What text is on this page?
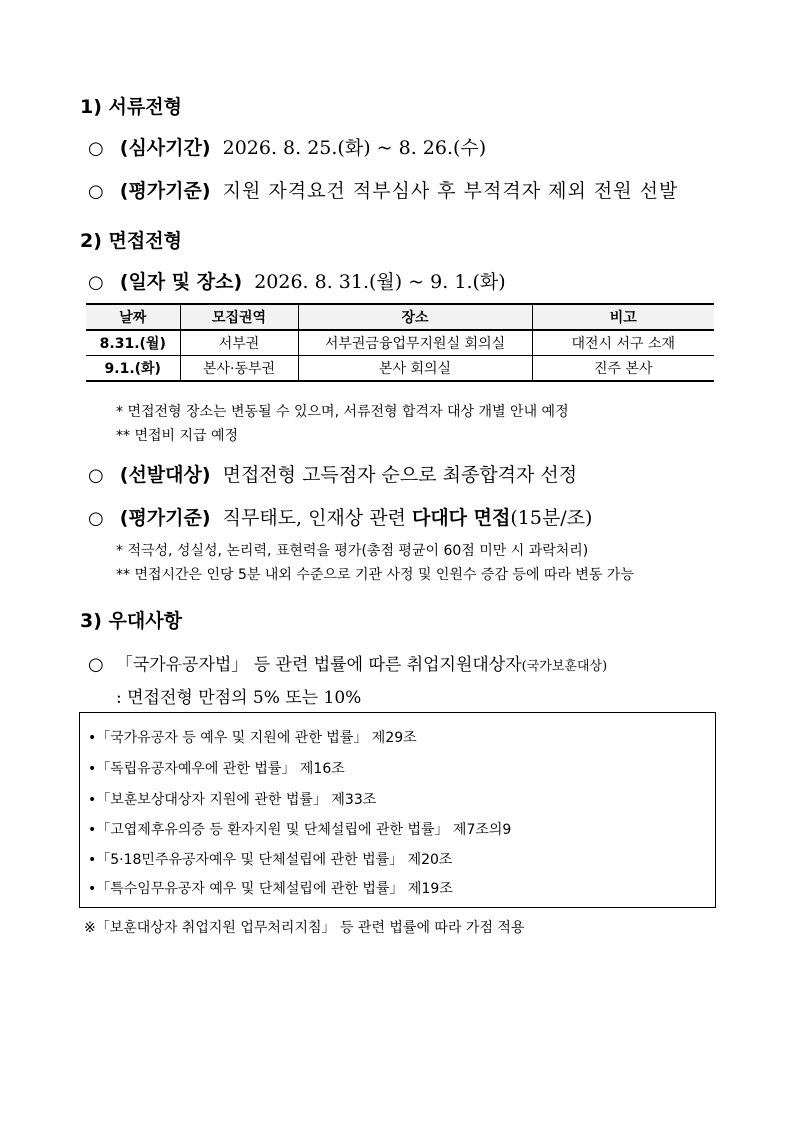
1) 서류전형
○ (심사기간) 2026. 8. 25.(화) ~ 8. 26.(수)
○ (평가기준) 지원 자격요건 적부심사 후 부적격자 제외 전원 선발
2) 면접전형
○ (일자 및 장소) 2026. 8. 31.(월) ~ 9. 1.(화)
날짜	모집권역	장소	비고
8.31.(월)	서부권	서부권금융업무지원실 회의실	대전시 서구 소재
9.1.(화)	본사·동부권	본사 회의실	진주 본사
* 면접전형 장소는 변동될 수 있으며, 서류전형 합격자 대상 개별 안내 예정
** 면접비 지급 예정
○ (선발대상) 면접전형 고득점자 순으로 최종합격자 선정
○ (평가기준) 직무태도, 인재상 관련 다대다 면접(15분/조)
* 적극성, 성실성, 논리력, 표현력을 평가(총점 평균이 60점 미만 시 과락처리)
** 면접시간은 인당 5분 내외 수준으로 기관 사정 및 인원수 증감 등에 따라 변동 가능
3) 우대사항
○ 「국가유공자법」 등 관련 법률에 따른 취업지원대상자(국가보훈대상)
: 면접전형 만점의 5% 또는 10%
•「국가유공자 등 예우 및 지원에 관한 법률」 제29조
•「독립유공자예우에 관한 법률」 제16조
•「보훈보상대상자 지원에 관한 법률」 제33조
•「고엽제후유의증 등 환자지원 및 단체설립에 관한 법률」 제7조의9
•「5·18민주유공자예우 및 단체설립에 관한 법률」 제20조
•「특수임무유공자 예우 및 단체설립에 관한 법률」 제19조
※「보훈대상자 취업지원 업무처리지침」 등 관련 법률에 따라 가점 적용
